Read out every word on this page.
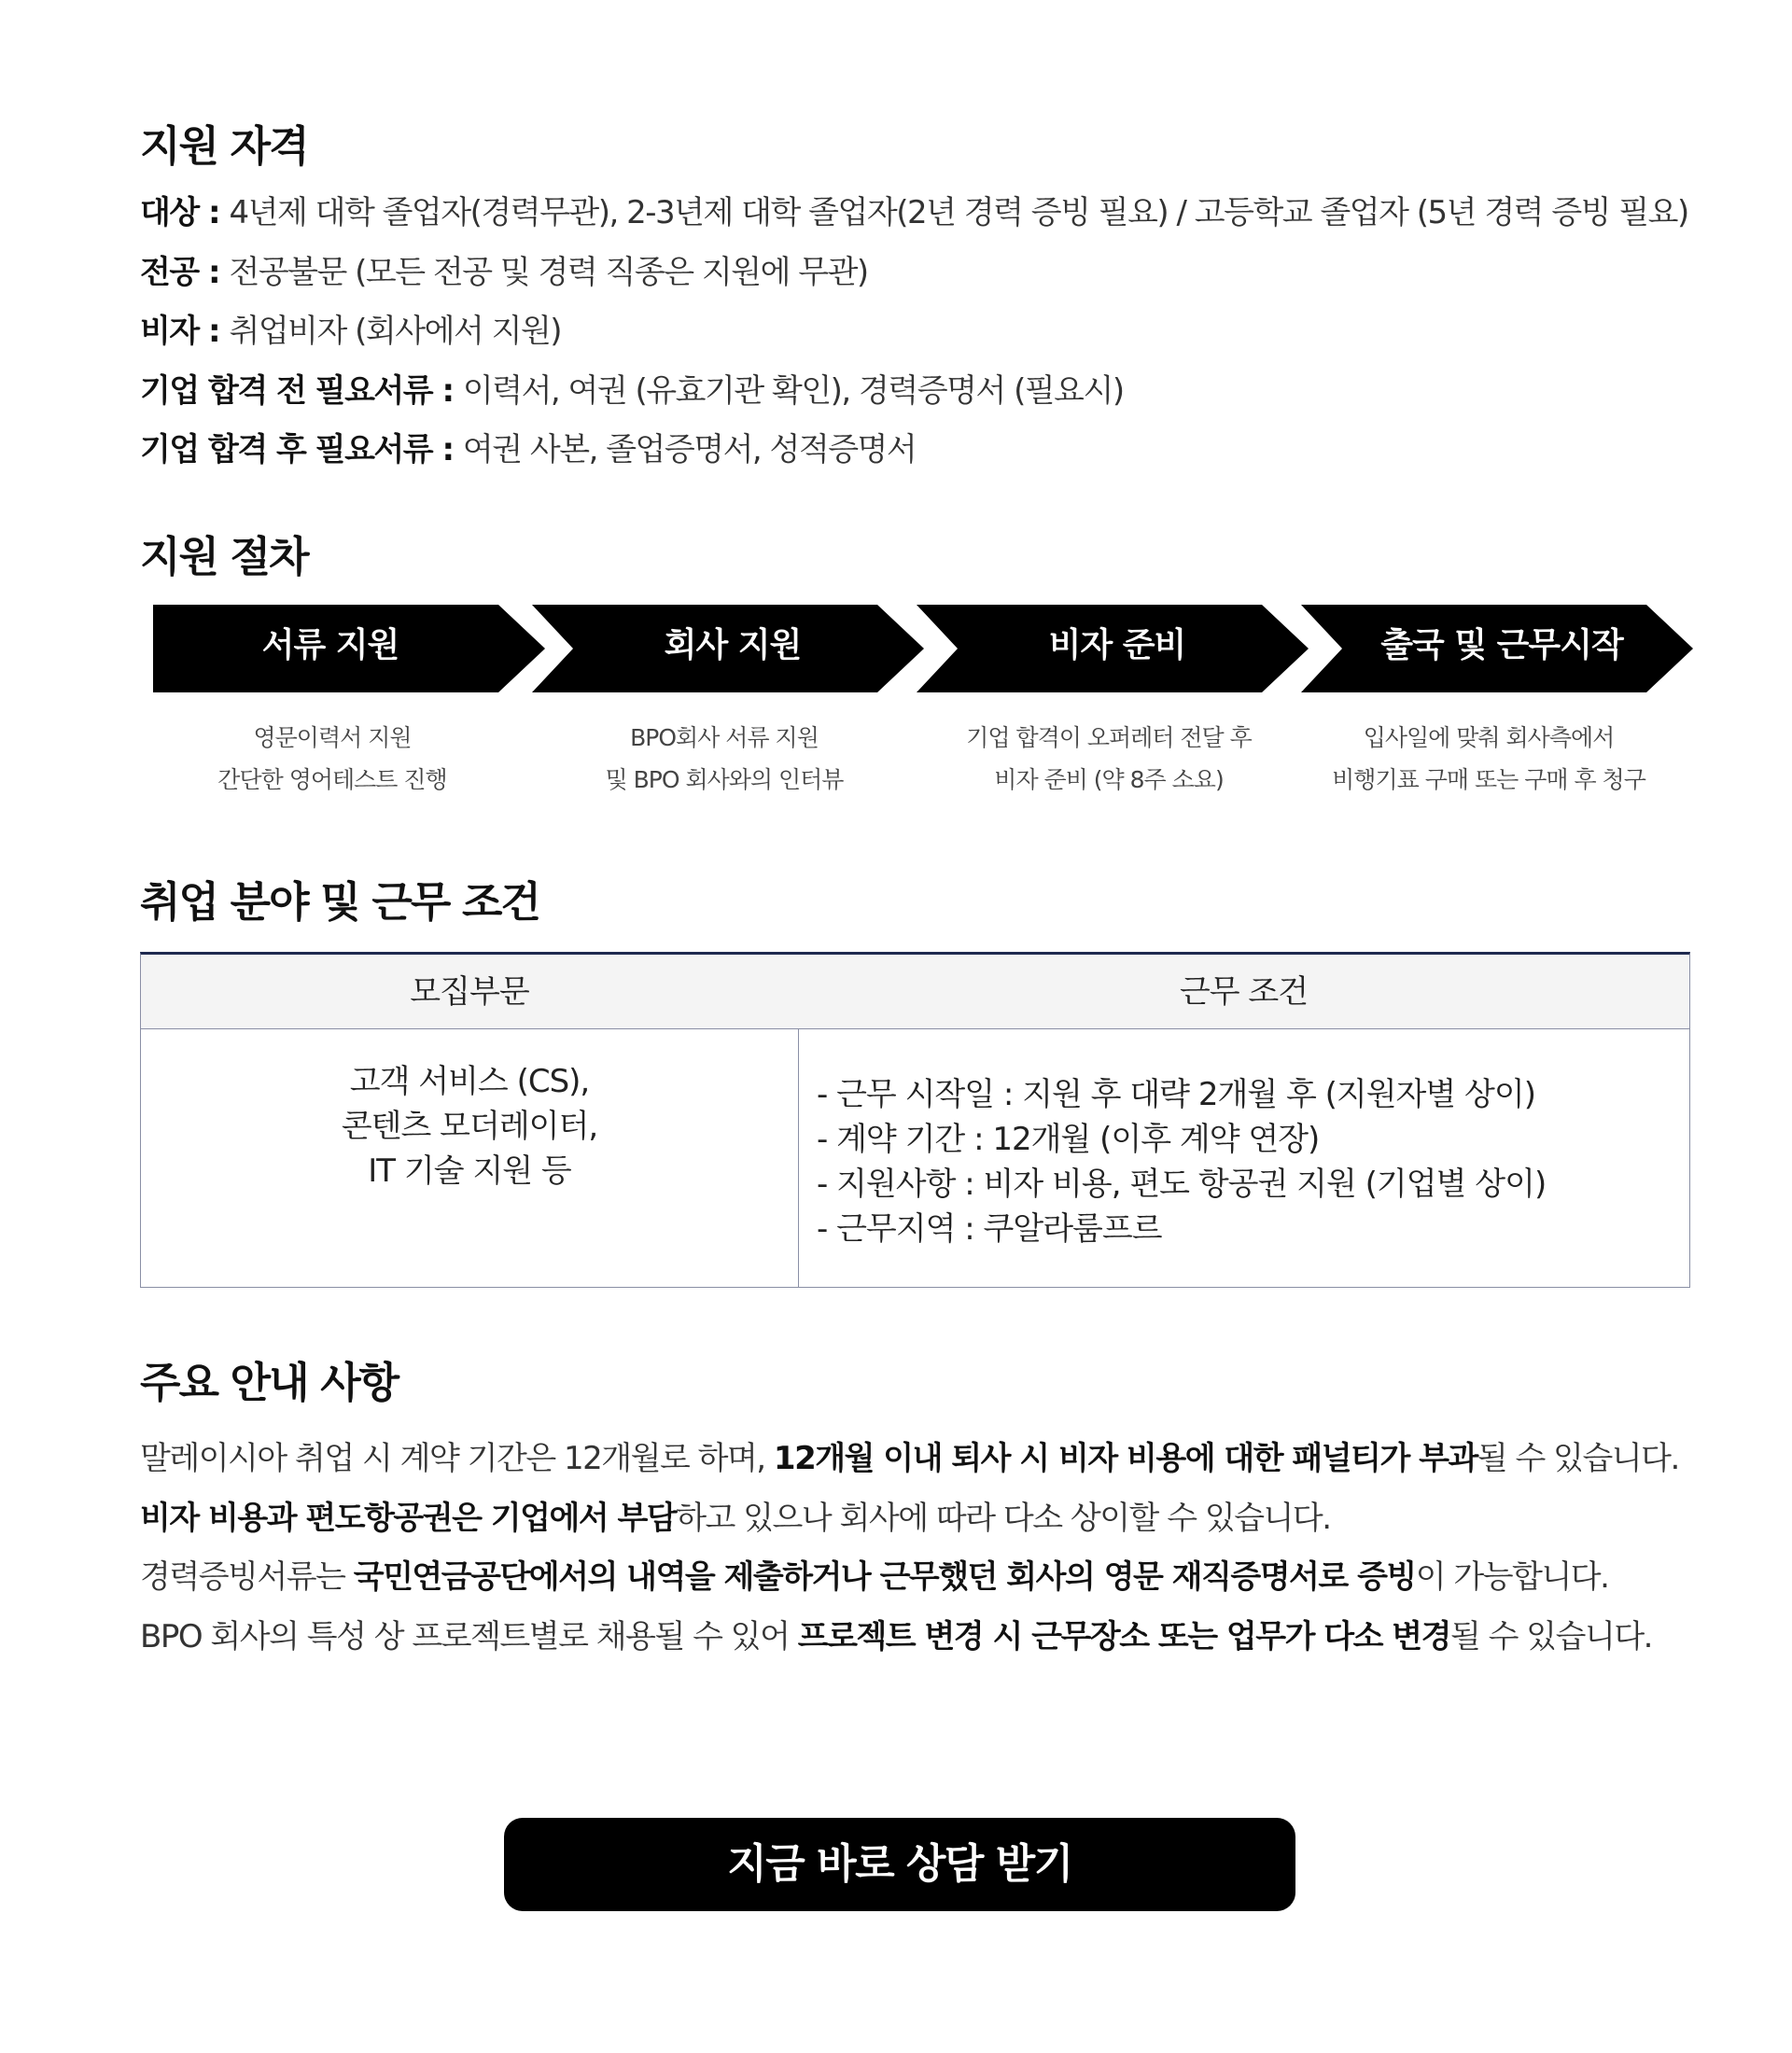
지원 자격
대상 : 4년제 대학 졸업자(경력무관), 2-3년제 대학 졸업자(2년 경력 증빙 필요) / 고등학교 졸업자 (5년 경력 증빙 필요)
전공 : 전공불문 (모든 전공 및 경력 직종은 지원에 무관)
비자 : 취업비자 (회사에서 지원)
기업 합격 전 필요서류 : 이력서, 여권 (유효기관 확인), 경력증명서 (필요시)
기업 합격 후 필요서류 : 여권 사본, 졸업증명서, 성적증명서
지원 절차
서류 지원	회사 지원	비자 준비	출국 및 근무시작
영문이력서 지원
간단한 영어테스트 진행
BPO회사 서류 지원
및 BPO 회사와의 인터뷰
기업 합격이 오퍼레터 전달 후
비자 준비 (약 8주 소요)
입사일에 맞춰 회사측에서
비행기표 구매 또는 구매 후 청구
취업 분야 및 근무 조건
모집부문	근무 조건
고객 서비스 (CS),
콘텐츠 모더레이터,
IT 기술 지원 등
- 근무 시작일 : 지원 후 대략 2개월 후 (지원자별 상이)
- 계약 기간 : 12개월 (이후 계약 연장)
- 지원사항 : 비자 비용, 편도 항공권 지원 (기업별 상이)
- 근무지역 : 쿠알라룸프르
주요 안내 사항
말레이시아 취업 시 계약 기간은 12개월로 하며, 12개월 이내 퇴사 시 비자 비용에 대한 패널티가 부과될 수 있습니다.
비자 비용과 편도항공권은 기업에서 부담하고 있으나 회사에 따라 다소 상이할 수 있습니다.
경력증빙서류는 국민연금공단에서의 내역을 제출하거나 근무했던 회사의 영문 재직증명서로 증빙이 가능합니다.
BPO 회사의 특성 상 프로젝트별로 채용될 수 있어 프로젝트 변경 시 근무장소 또는 업무가 다소 변경될 수 있습니다.
지금 바로 상담 받기
